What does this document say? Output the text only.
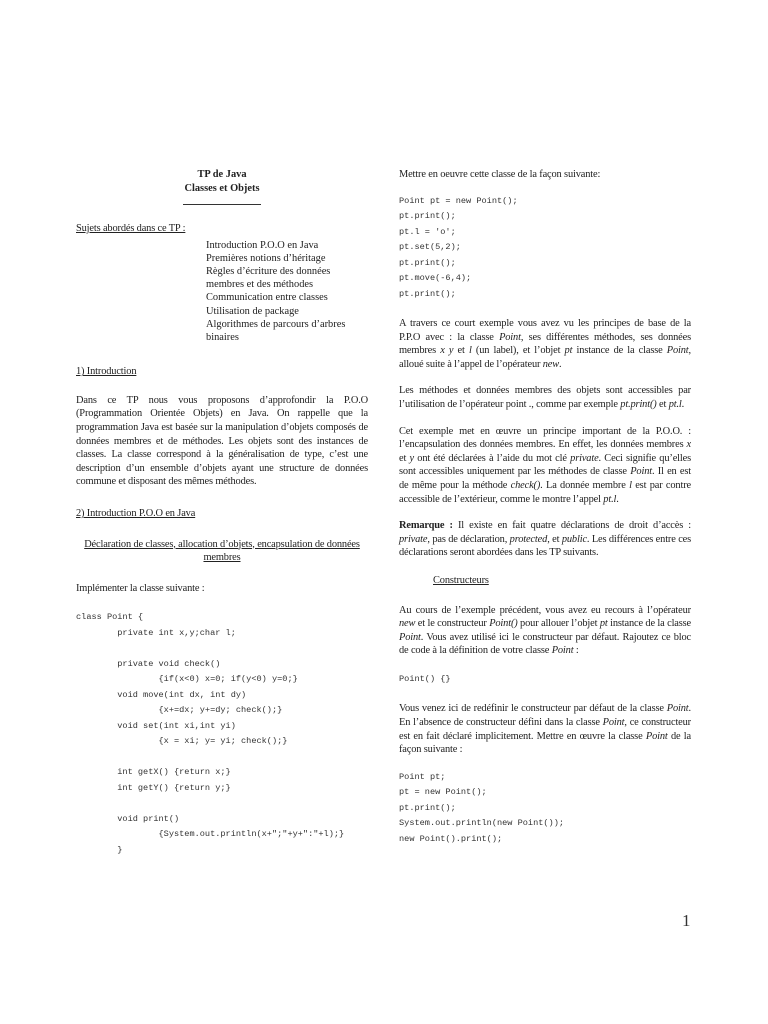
TP de Java
Classes et Objets
Sujets abordés dans ce TP :
Introduction P.O.O en Java
Premières notions d’héritage
Règles d’écriture des données membres et des méthodes
Communication entre classes
Utilisation de package
Algorithmes de parcours d’arbres binaires
1) Introduction

Dans ce TP nous vous proposons d’approfondir la P.O.O (Programmation Orientée Objets) en Java. On rappelle que la programmation Java est basée sur la manipulation d’objets composés de données membres et de méthodes. Les objets sont des instances de classes. La classe correspond à la généralisation de type, c’est une description d’un ensemble d’objets ayant une structure de données commune et disposant des mêmes méthodes.

2) Introduction P.O.O en Java
Déclaration de classes, allocation d’objets, encapsulation de données membres
Implémenter la classe suivante :
class Point {
private int x,y;char l;

private void check()
{if(x<0) x=0; if(y<0) y=0;}
void move(int dx, int dy)
{x+=dx; y+=dy; check();}
void set(int xi,int yi)
{x = xi; y= yi; check();}

int getX() {return x;}
int getY() {return y;}

void print()
{System.out.println(x+";"+y+":"+l);}
}
Mettre en oeuvre cette classe de la façon suivante:
Point pt = new Point();
pt.print();
pt.l = 'o';
pt.set(5,2);
pt.print();
pt.move(-6,4);
pt.print();

A travers ce court exemple vous avez vu les principes de base de la P.P.O avec : la classe Point, ses différentes méthodes, ses données membres x y et l (un label), et l’objet pt instance de la classe Point, alloué suite à l’appel de l’opérateur new.

Les méthodes et données membres des objets sont accessibles par l’utilisation de l’opérateur point ., comme par exemple pt.print() et pt.l.

Cet exemple met en œuvre un principe important de la P.O.O. : l’encapsulation des données membres. En effet, les données membres x et y ont été déclarées à l’aide du mot clé private. Ceci signifie qu’elles sont accessibles uniquement par les méthodes de classe Point. Il en est de même pour la méthode check(). La donnée membre l est par contre accessible de l’extérieur, comme le montre l’appel pt.l.

Remarque : Il existe en fait quatre déclarations de droit d’accès : private, pas de déclaration, protected, et public. Les différences entre ces déclarations seront abordées dans les TP suivants.

Constructeurs

Au cours de l’exemple précédent, vous avez eu recours à l’opérateur new et le constructeur Point() pour allouer l’objet pt instance de la classe Point. Vous avez utilisé ici le constructeur par défaut. Rajoutez ce bloc de code à la définition de votre classe Point :

Point() {}

Vous venez ici de redéfinir le constructeur par défaut de la classe Point. En l’absence de constructeur défini dans la classe Point, ce constructeur est en fait déclaré implicitement. Mettre en œuvre la classe Point de la façon suivante :

Point pt;
pt = new Point();
pt.print();
System.out.println(new Point());
new Point().print();
1
